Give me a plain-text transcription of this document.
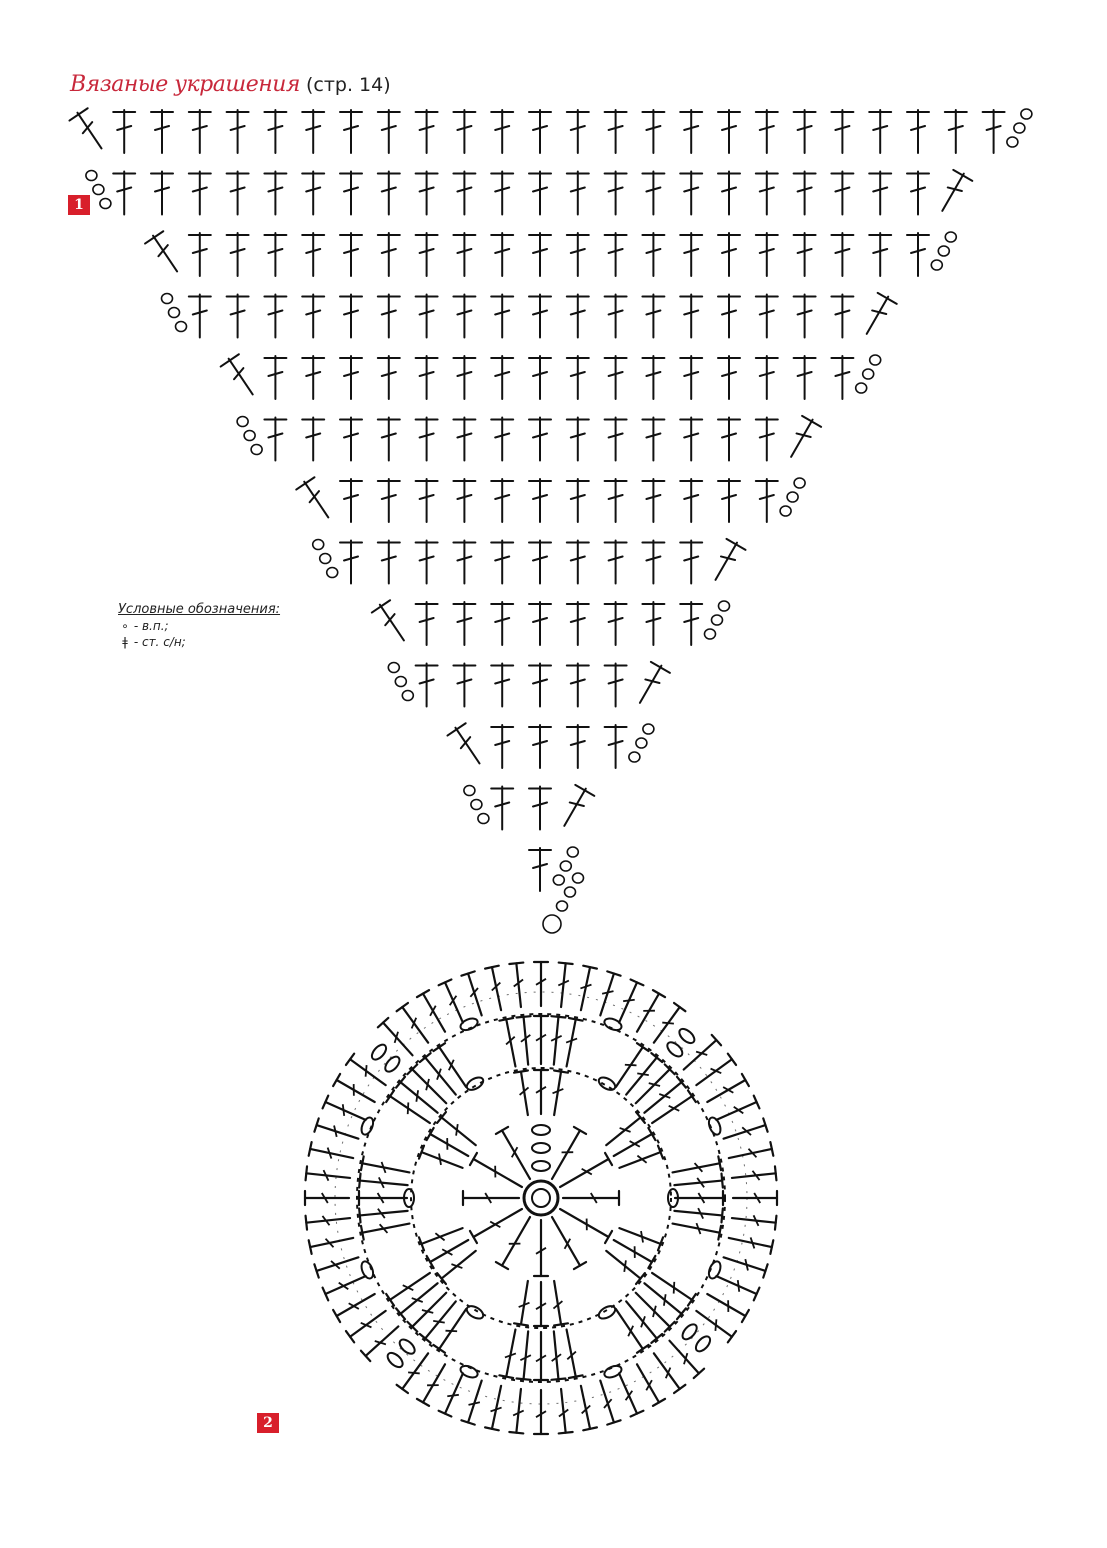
Вязаные украшения (стр. 14)
1
2
Условные обозначения:
∘ - в.п.;
ǂ - ст. с/н;
